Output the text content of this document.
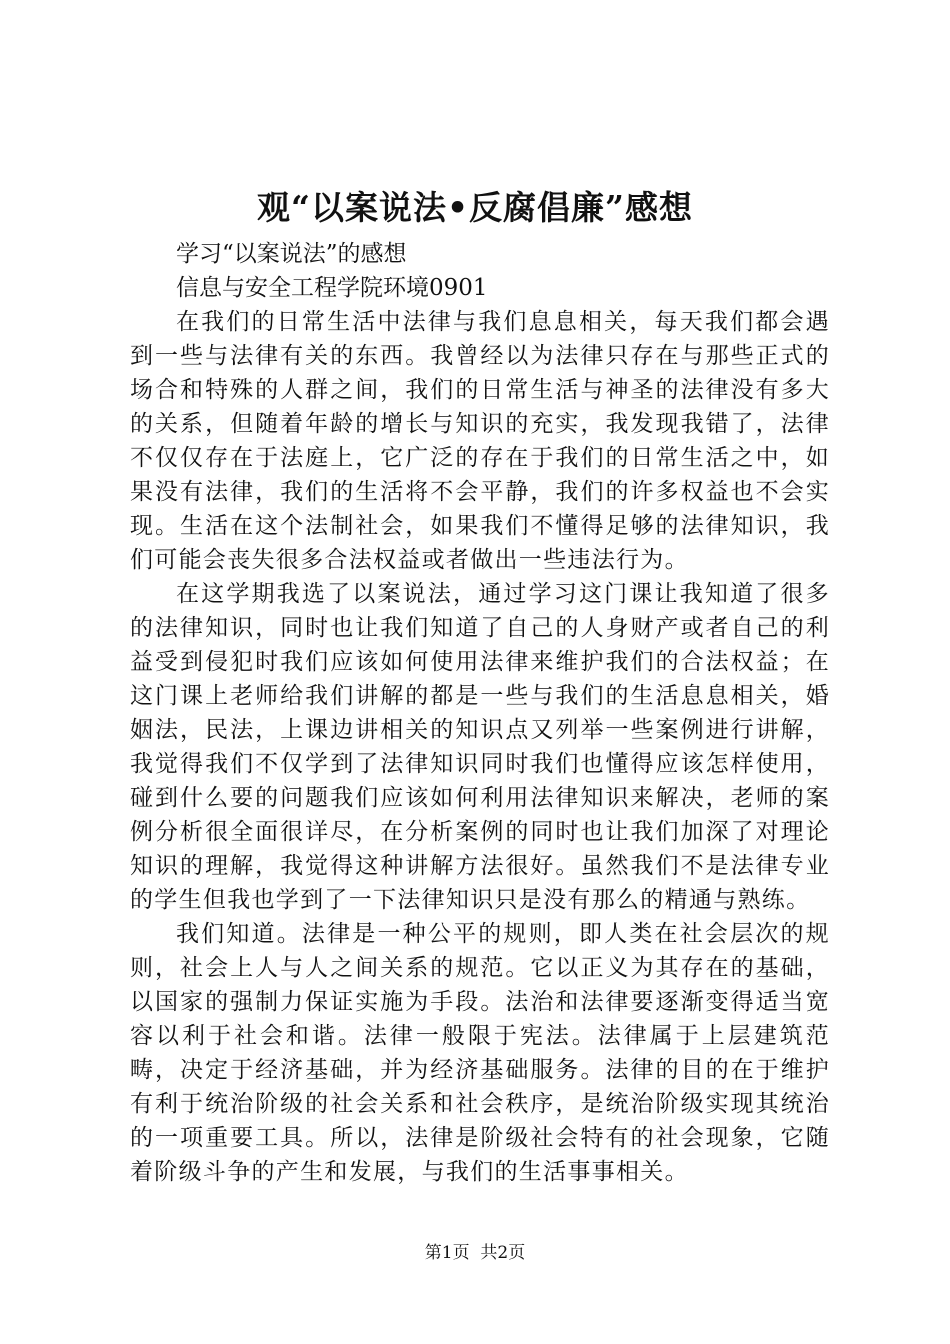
观“以案说法•反腐倡廉”感想

学习“以案说法”的感想

信息与安全工程学院环境0901

在我们的日常生活中法律与我们息息相关，每天我们都会遇到一些与法律有关的东西。我曾经以为法律只存在与那些正式的场合和特殊的人群之间，我们的日常生活与神圣的法律没有多大的关系，但随着年龄的增长与知识的充实，我发现我错了，法律不仅仅存在于法庭上，它广泛的存在于我们的日常生活之中，如果没有法律，我们的生活将不会平静，我们的许多权益也不会实现。生活在这个法制社会，如果我们不懂得足够的法律知识，我们可能会丧失很多合法权益或者做出一些违法行为。

在这学期我选了以案说法，通过学习这门课让我知道了很多的法律知识，同时也让我们知道了自己的人身财产或者自己的利益受到侵犯时我们应该如何使用法律来维护我们的合法权益；在这门课上老师给我们讲解的都是一些与我们的生活息息相关，婚姻法，民法，上课边讲相关的知识点又列举一些案例进行讲解，我觉得我们不仅学到了法律知识同时我们也懂得应该怎样使用，碰到什么要的问题我们应该如何利用法律知识来解决，老师的案例分析很全面很详尽，在分析案例的同时也让我们加深了对理论知识的理解，我觉得这种讲解方法很好。虽然我们不是法律专业的学生但我也学到了一下法律知识只是没有那么的精通与熟练。

我们知道。法律是一种公平的规则，即人类在社会层次的规则，社会上人与人之间关系的规范。它以正义为其存在的基础，以国家的强制力保证实施为手段。法治和法律要逐渐变得适当宽容以利于社会和谐。法律一般限于宪法。法律属于上层建筑范畴，决定于经济基础，并为经济基础服务。法律的目的在于维护有利于统治阶级的社会关系和社会秩序，是统治阶级实现其统治的一项重要工具。所以，法律是阶级社会特有的社会现象，它随着阶级斗争的产生和发展，与我们的生活事事相关。

第1页  共2页
